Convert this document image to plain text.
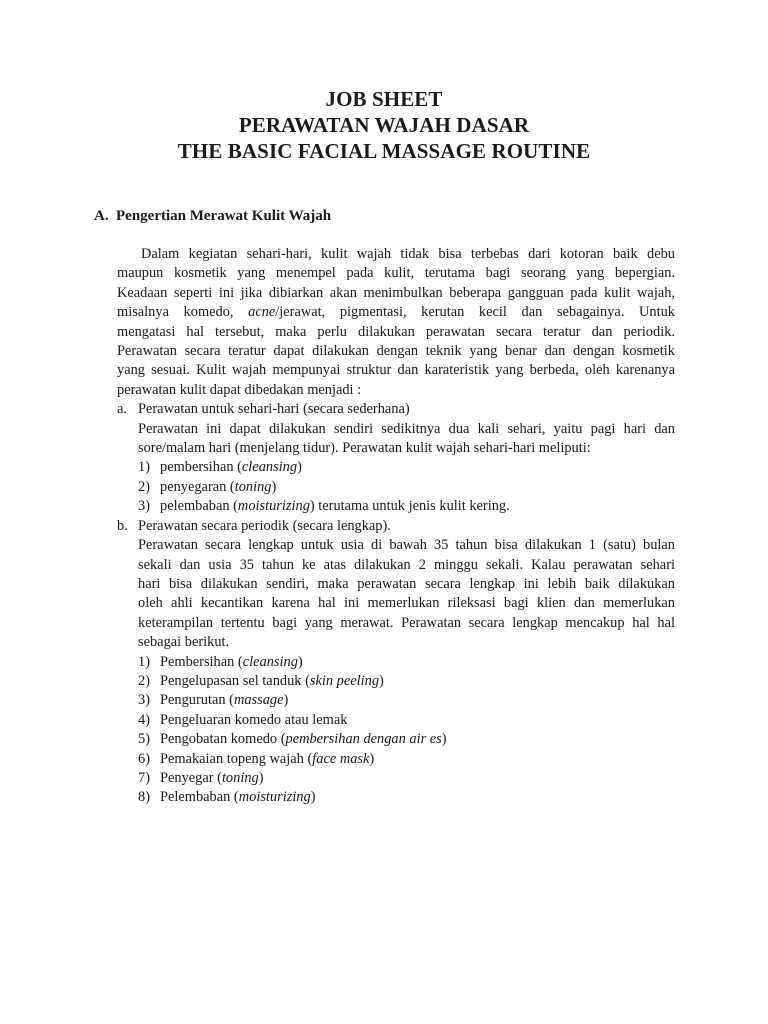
JOB SHEET
PERAWATAN WAJAH DASAR
THE BASIC FACIAL MASSAGE ROUTINE
A. Pengertian Merawat Kulit Wajah
Dalam kegiatan sehari-hari, kulit wajah tidak bisa terbebas dari kotoran baik debu
maupun kosmetik yang menempel pada kulit, terutama bagi seorang yang bepergian.
Keadaan seperti ini jika dibiarkan akan menimbulkan beberapa gangguan pada kulit wajah,
misalnya komedo, acne/jerawat, pigmentasi, kerutan kecil dan sebagainya. Untuk
mengatasi hal tersebut, maka perlu dilakukan perawatan secara teratur dan periodik.
Perawatan secara teratur dapat dilakukan dengan teknik yang benar dan dengan kosmetik
yang sesuai. Kulit wajah mempunyai struktur dan karateristik yang berbeda, oleh karenanya
perawatan kulit dapat dibedakan menjadi :
a. Perawatan untuk sehari-hari (secara sederhana)
Perawatan ini dapat dilakukan sendiri sedikitnya dua kali sehari, yaitu pagi hari dan
sore/malam hari (menjelang tidur). Perawatan kulit wajah sehari-hari meliputi:
1) pembersihan (cleansing)
2) penyegaran (toning)
3) pelembaban (moisturizing) terutama untuk jenis kulit kering.
b. Perawatan secara periodik (secara lengkap).
Perawatan secara lengkap untuk usia di bawah 35 tahun bisa dilakukan 1 (satu) bulan
sekali dan usia 35 tahun ke atas dilakukan 2 minggu sekali. Kalau perawatan sehari
hari bisa dilakukan sendiri, maka perawatan secara lengkap ini lebih baik dilakukan
oleh ahli kecantikan karena hal ini memerlukan rileksasi bagi klien dan memerlukan
keterampilan tertentu bagi yang merawat. Perawatan secara lengkap mencakup hal hal
sebagai berikut.
1) Pembersihan (cleansing)
2) Pengelupasan sel tanduk (skin peeling)
3) Pengurutan (massage)
4) Pengeluaran komedo atau lemak
5) Pengobatan komedo (pembersihan dengan air es)
6) Pemakaian topeng wajah (face mask)
7) Penyegar (toning)
8) Pelembaban (moisturizing)
